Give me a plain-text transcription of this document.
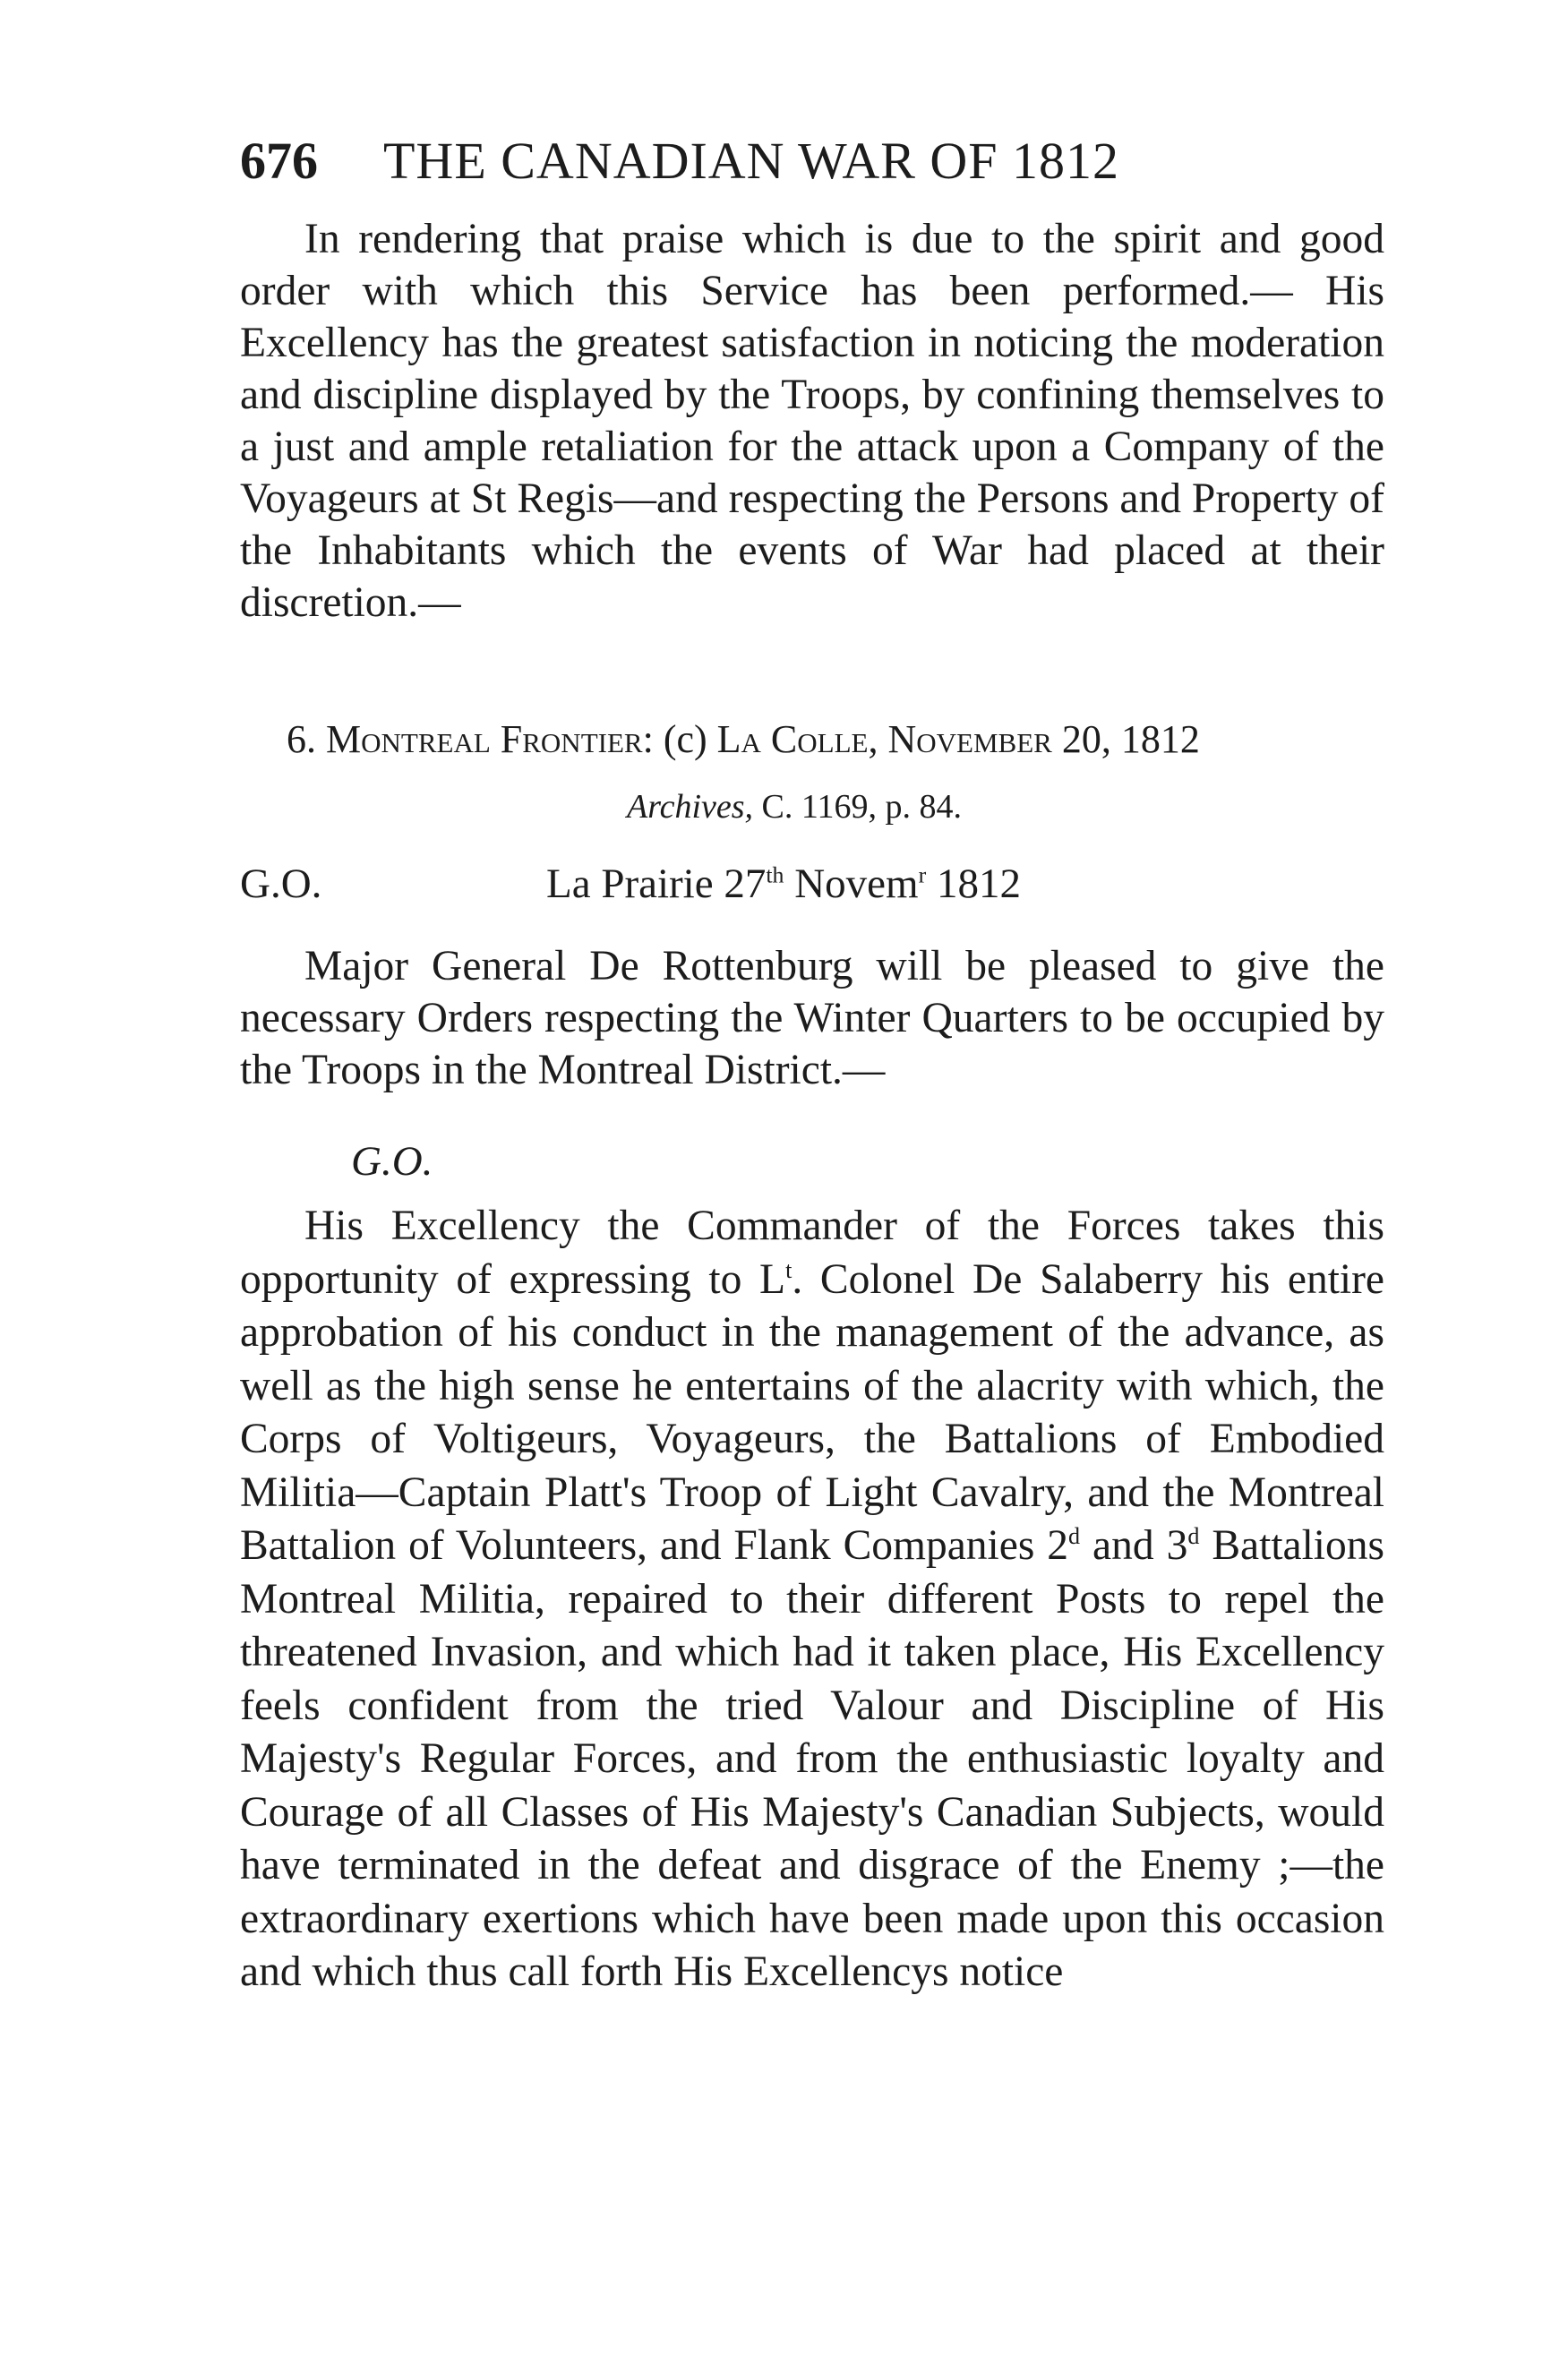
676 THE CANADIAN WAR OF 1812

In rendering that praise which is due to the spirit and good order with which this Service has been performed.— His Excellency has the greatest satisfaction in noticing the moderation and discipline displayed by the Troops, by confining themselves to a just and ample retaliation for the attack upon a Company of the Voyageurs at St Regis—and respecting the Persons and Property of the Inhabitants which the events of War had placed at their discretion.—

6. Montreal Frontier: (c) La Colle, November 20, 1812
Archives, C. 1169, p. 84.
G.O.	La Prairie 27th Novem$^r$ 1812

Major General De Rottenburg will be pleased to give the necessary Orders respecting the Winter Quarters to be occupied by the Troops in the Montreal District.—

G.O.

His Excellency the Commander of the Forces takes this opportunity of expressing to $L^t$. Colonel De Salaberry his entire approbation of his conduct in the management of the advance, as well as the high sense he entertains of the alacrity with which, the Corps of Voltigeurs, Voyageurs, the Battalions of Embodied Militia—Captain Platt's Troop of Light Cavalry, and the Montreal Battalion of Volunteers, and Flank Companies 2$^d$ and 3$^d$ Battalions Montreal Militia, repaired to their different Posts to repel the threatened Invasion, and which had it taken place, His Excellency feels confident from the tried Valour and Discipline of His Majesty's Regular Forces, and from the enthusiastic loyalty and Courage of all Classes of His Majesty's Canadian Subjects, would have terminated in the defeat and disgrace of the Enemy ;—the extraordinary exertions which have been made upon this occasion and which thus call forth His Excellencys notice
